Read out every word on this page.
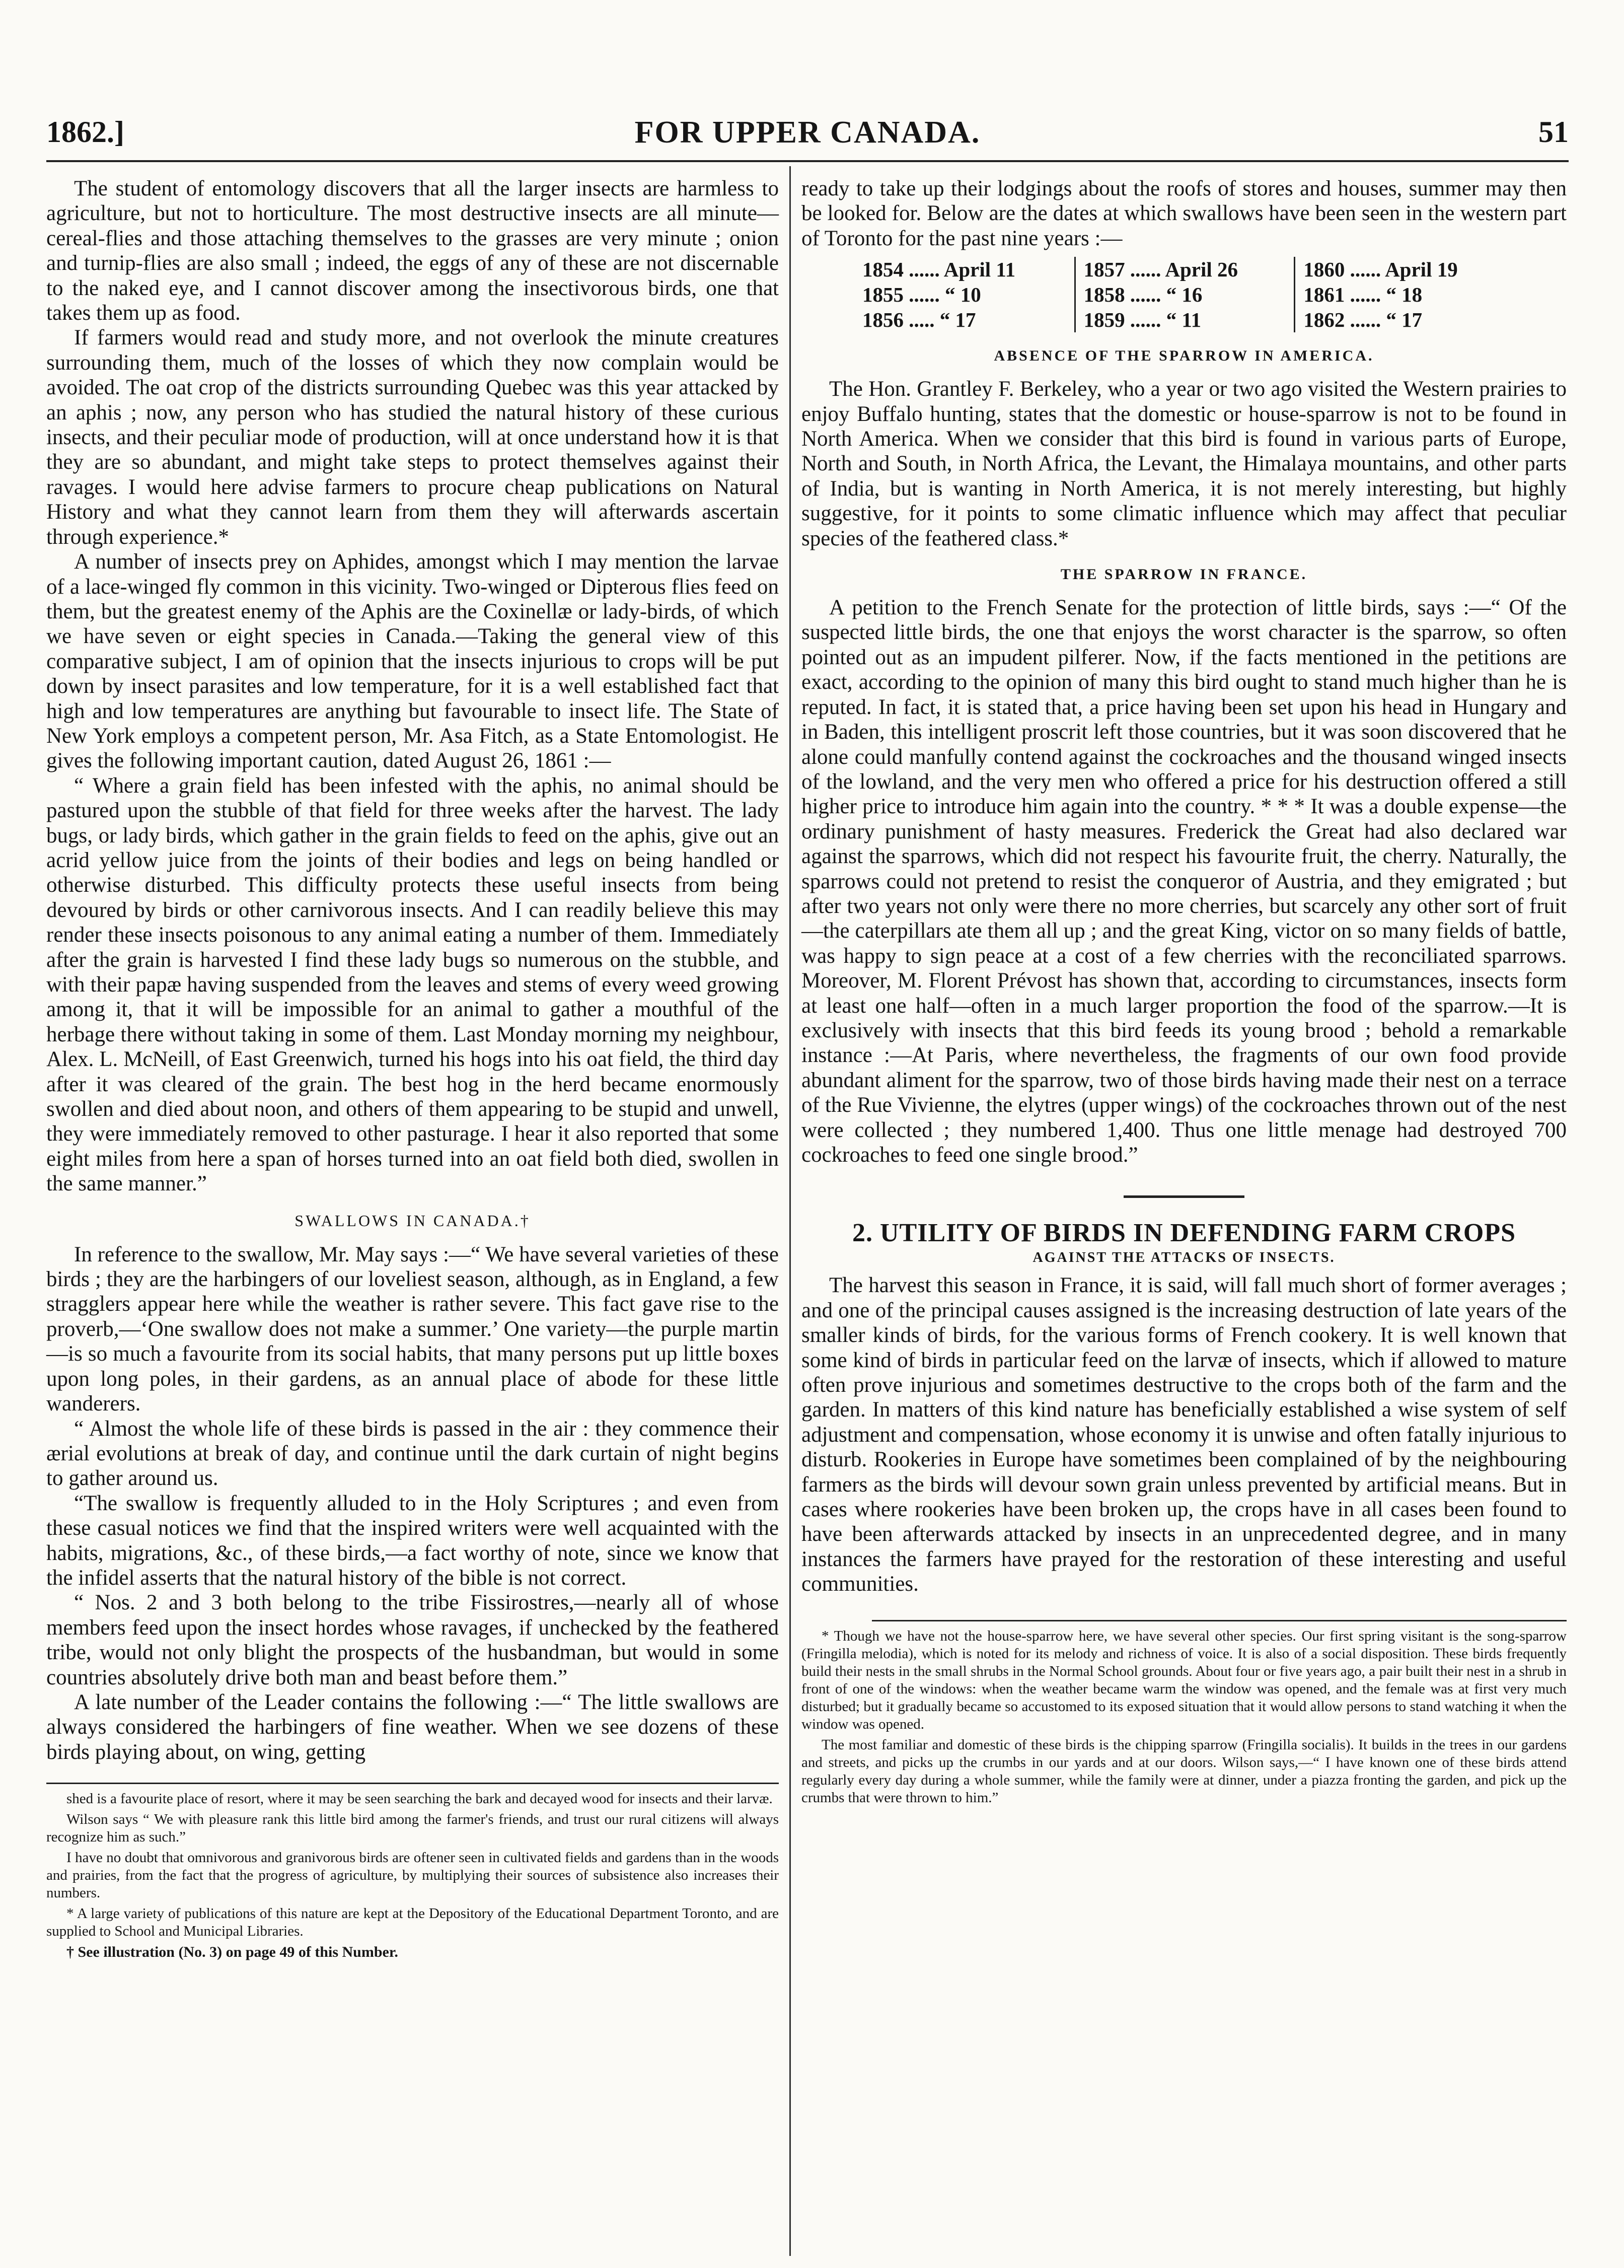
1862.]	FOR UPPER CANADA.	51

The student of entomology discovers that all the larger insects are harmless to agriculture, but not to horticulture. The most destructive insects are all minute—cereal-flies and those attaching themselves to the grasses are very minute ; onion and turnip-flies are also small ; indeed, the eggs of any of these are not discernable to the naked eye, and I cannot discover among the insectivorous birds, one that takes them up as food.

If farmers would read and study more, and not overlook the minute creatures surrounding them, much of the losses of which they now complain would be avoided. The oat crop of the districts surrounding Quebec was this year attacked by an aphis ; now, any person who has studied the natural history of these curious insects, and their peculiar mode of production, will at once understand how it is that they are so abundant, and might take steps to protect themselves against their ravages. I would here advise farmers to procure cheap publications on Natural History and what they cannot learn from them they will afterwards ascertain through experience.*

A number of insects prey on Aphides, amongst which I may mention the larvae of a lace-winged fly common in this vicinity. Two-winged or Dipterous flies feed on them, but the greatest enemy of the Aphis are the Coxinellæ or lady-birds, of which we have seven or eight species in Canada.—Taking the general view of this comparative subject, I am of opinion that the insects injurious to crops will be put down by insect parasites and low temperature, for it is a well established fact that high and low temperatures are anything but favourable to insect life. The State of New York employs a competent person, Mr. Asa Fitch, as a State Entomologist. He gives the following important caution, dated August 26, 1861 :—

“ Where a grain field has been infested with the aphis, no animal should be pastured upon the stubble of that field for three weeks after the harvest. The lady bugs, or lady birds, which gather in the grain fields to feed on the aphis, give out an acrid yellow juice from the joints of their bodies and legs on being handled or otherwise disturbed. This difficulty protects these useful insects from being devoured by birds or other carnivorous insects. And I can readily believe this may render these insects poisonous to any animal eating a number of them. Immediately after the grain is harvested I find these lady bugs so numerous on the stubble, and with their papæ having suspended from the leaves and stems of every weed growing among it, that it will be impossible for an animal to gather a mouthful of the herbage there without taking in some of them. Last Monday morning my neighbour, Alex. L. McNeill, of East Greenwich, turned his hogs into his oat field, the third day after it was cleared of the grain. The best hog in the herd became enormously swollen and died about noon, and others of them appearing to be stupid and unwell, they were immediately removed to other pasturage. I hear it also reported that some eight miles from here a span of horses turned into an oat field both died, swollen in the same manner.”

SWALLOWS IN CANADA.†

In reference to the swallow, Mr. May says :—“ We have several varieties of these birds ; they are the harbingers of our loveliest season, although, as in England, a few stragglers appear here while the weather is rather severe. This fact gave rise to the proverb,—‘One swallow does not make a summer.’ One variety—the purple martin—is so much a favourite from its social habits, that many persons put up little boxes upon long poles, in their gardens, as an annual place of abode for these little wanderers.

“ Almost the whole life of these birds is passed in the air : they commence their ærial evolutions at break of day, and continue until the dark curtain of night begins to gather around us.

“The swallow is frequently alluded to in the Holy Scriptures ; and even from these casual notices we find that the inspired writers were well acquainted with the habits, migrations, &c., of these birds,—a fact worthy of note, since we know that the infidel asserts that the natural history of the bible is not correct.

“ Nos. 2 and 3 both belong to the tribe Fissirostres,—nearly all of whose members feed upon the insect hordes whose ravages, if unchecked by the feathered tribe, would not only blight the prospects of the husbandman, but would in some countries absolutely drive both man and beast before them.”

A late number of the Leader contains the following :—“ The little swallows are always considered the harbingers of fine weather. When we see dozens of these birds playing about, on wing, getting

shed is a favourite place of resort, where it may be seen searching the bark and decayed wood for insects and their larvæ.

Wilson says “ We with pleasure rank this little bird among the farmer's friends, and trust our rural citizens will always recognize him as such.”

I have no doubt that omnivorous and granivorous birds are oftener seen in cultivated fields and gardens than in the woods and prairies, from the fact that the progress of agriculture, by multiplying their sources of subsistence also increases their numbers.

* A large variety of publications of this nature are kept at the Depository of the Educational Department Toronto, and are supplied to School and Municipal Libraries.

† See illustration (No. 3) on page 49 of this Number.

ready to take up their lodgings about the roofs of stores and houses, summer may then be looked for. Below are the dates at which swallows have been seen in the western part of Toronto for the past nine years :—

1854 ...... April 11
1855 ...... “ 10
1856 ..... “ 17
1857 ...... April 26
1858 ...... “ 16
1859 ...... “ 11
1860 ...... April 19
1861 ...... “ 18
1862 ...... “ 17
ABSENCE OF THE SPARROW IN AMERICA.

The Hon. Grantley F. Berkeley, who a year or two ago visited the Western prairies to enjoy Buffalo hunting, states that the domestic or house-sparrow is not to be found in North America. When we consider that this bird is found in various parts of Europe, North and South, in North Africa, the Levant, the Himalaya mountains, and other parts of India, but is wanting in North America, it is not merely interesting, but highly suggestive, for it points to some climatic influence which may affect that peculiar species of the feathered class.*

THE SPARROW IN FRANCE.

A petition to the French Senate for the protection of little birds, says :—“ Of the suspected little birds, the one that enjoys the worst character is the sparrow, so often pointed out as an impudent pilferer. Now, if the facts mentioned in the petitions are exact, according to the opinion of many this bird ought to stand much higher than he is reputed. In fact, it is stated that, a price having been set upon his head in Hungary and in Baden, this intelligent proscrit left those countries, but it was soon discovered that he alone could manfully contend against the cockroaches and the thousand winged insects of the lowland, and the very men who offered a price for his destruction offered a still higher price to introduce him again into the country. * * * It was a double expense—the ordinary punishment of hasty measures. Frederick the Great had also declared war against the sparrows, which did not respect his favourite fruit, the cherry. Naturally, the sparrows could not pretend to resist the conqueror of Austria, and they emigrated ; but after two years not only were there no more cherries, but scarcely any other sort of fruit—the caterpillars ate them all up ; and the great King, victor on so many fields of battle, was happy to sign peace at a cost of a few cherries with the reconciliated sparrows. Moreover, M. Florent Prévost has shown that, according to circumstances, insects form at least one half—often in a much larger proportion the food of the sparrow.—It is exclusively with insects that this bird feeds its young brood ; behold a remarkable instance :—At Paris, where nevertheless, the fragments of our own food provide abundant aliment for the sparrow, two of those birds having made their nest on a terrace of the Rue Vivienne, the elytres (upper wings) of the cockroaches thrown out of the nest were collected ; they numbered 1,400. Thus one little menage had destroyed 700 cockroaches to feed one single brood.”

2. UTILITY OF BIRDS IN DEFENDING FARM CROPS

AGAINST THE ATTACKS OF INSECTS.

The harvest this season in France, it is said, will fall much short of former averages ; and one of the principal causes assigned is the increasing destruction of late years of the smaller kinds of birds, for the various forms of French cookery. It is well known that some kind of birds in particular feed on the larvæ of insects, which if allowed to mature often prove injurious and sometimes destructive to the crops both of the farm and the garden. In matters of this kind nature has beneficially established a wise system of self adjustment and compensation, whose economy it is unwise and often fatally injurious to disturb. Rookeries in Europe have sometimes been complained of by the neighbouring farmers as the birds will devour sown grain unless prevented by artificial means. But in cases where rookeries have been broken up, the crops have in all cases been found to have been afterwards attacked by insects in an unprecedented degree, and in many instances the farmers have prayed for the restoration of these interesting and useful communities.

* Though we have not the house-sparrow here, we have several other species. Our first spring visitant is the song-sparrow (Fringilla melodia), which is noted for its melody and richness of voice. It is also of a social disposition. These birds frequently build their nests in the small shrubs in the Normal School grounds. About four or five years ago, a pair built their nest in a shrub in front of one of the windows: when the weather became warm the window was opened, and the female was at first very much disturbed; but it gradually became so accustomed to its exposed situation that it would allow persons to stand watching it when the window was opened.

The most familiar and domestic of these birds is the chipping sparrow (Fringilla socialis). It builds in the trees in our gardens and streets, and picks up the crumbs in our yards and at our doors. Wilson says,—“ I have known one of these birds attend regularly every day during a whole summer, while the family were at dinner, under a piazza fronting the garden, and pick up the crumbs that were thrown to him.”
